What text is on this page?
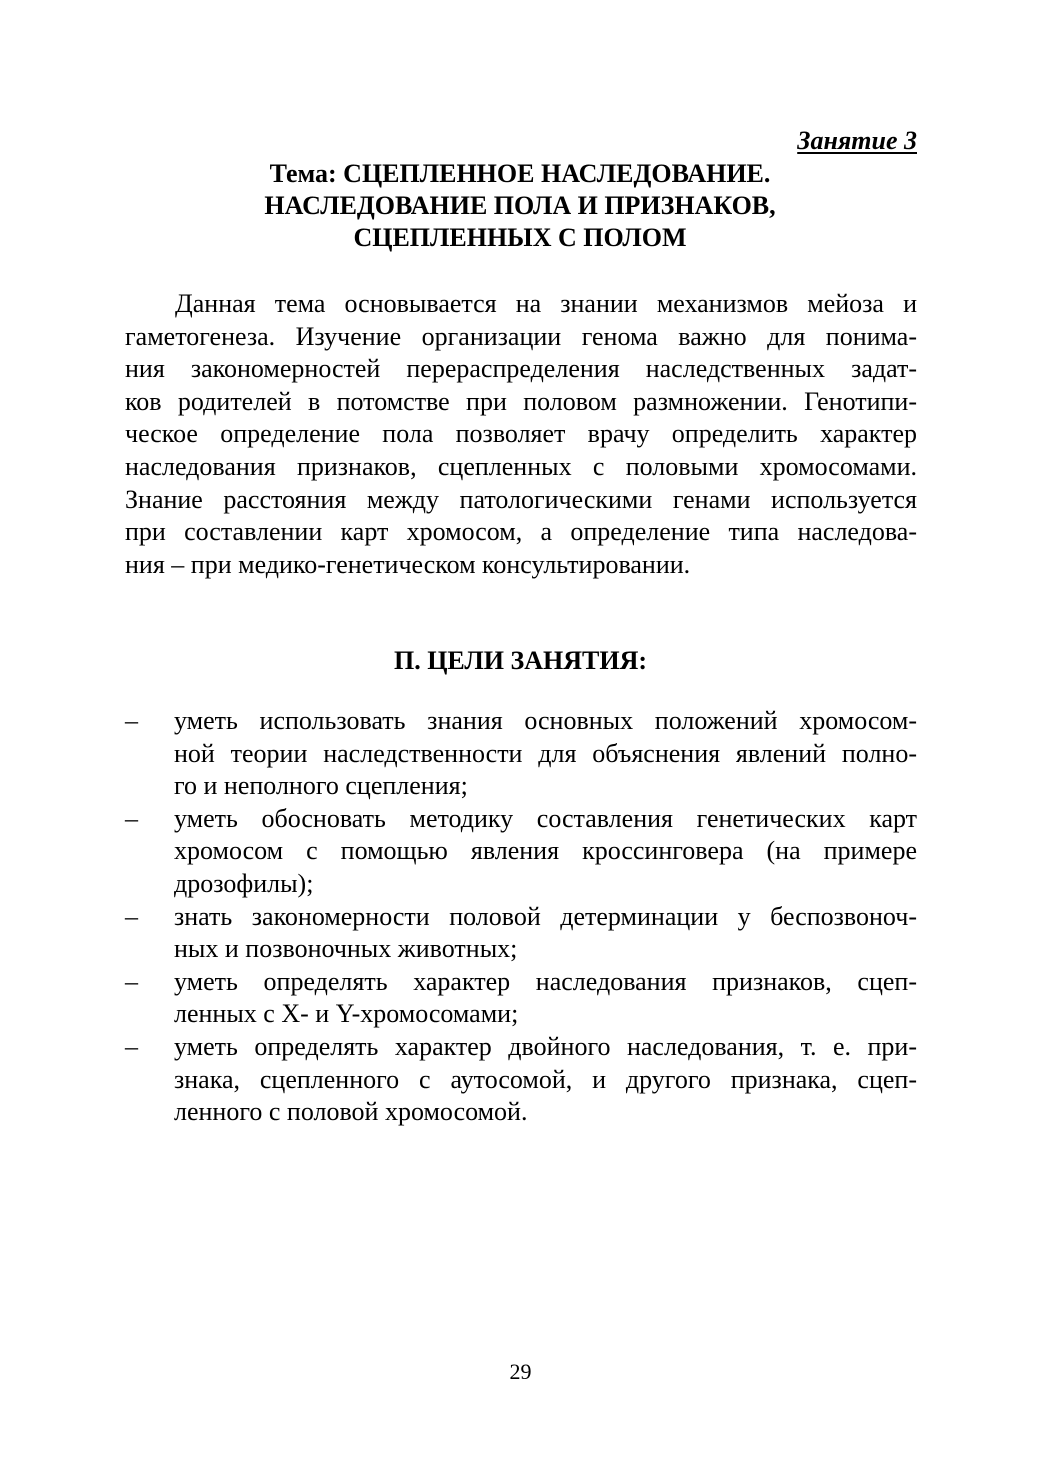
Занятие 3
Тема: СЦЕПЛЕННОЕ НАСЛЕДОВАНИЕ.
НАСЛЕДОВАНИЕ ПОЛА И ПРИЗНАКОВ,
СЦЕПЛЕННЫХ С ПОЛОМ
Данная тема основывается на знании механизмов мейоза и
гаметогенеза. Изучение организации генома важно для понима-
ния закономерностей перераспределения наследственных задат-
ков родителей в потомстве при половом размножении. Генотипи-
ческое определение пола позволяет врачу определить характер
наследования признаков, сцепленных с половыми хромосомами.
Знание расстояния между патологическими генами используется
при составлении карт хромосом, а определение типа наследова-
ния – при медико-генетическом консультировании.
П. ЦЕЛИ ЗАНЯТИЯ:
–	уметь использовать знания основных положений хромосом-
ной теории наследственности для объяснения явлений полно-
го и неполного сцепления;
–	уметь обосновать методику составления генетических карт
хромосом с помощью явления кроссинговера (на примере
дрозофилы);
–	знать закономерности половой детерминации у беспозвоноч-
ных и позвоночных животных;
–	уметь определять характер наследования признаков, сцеп-
ленных с X- и Y-хромосомами;
–	уметь определять характер двойного наследования, т. е. при-
знака, сцепленного с аутосомой, и другого признака, сцеп-
ленного с половой хромосомой.
29
